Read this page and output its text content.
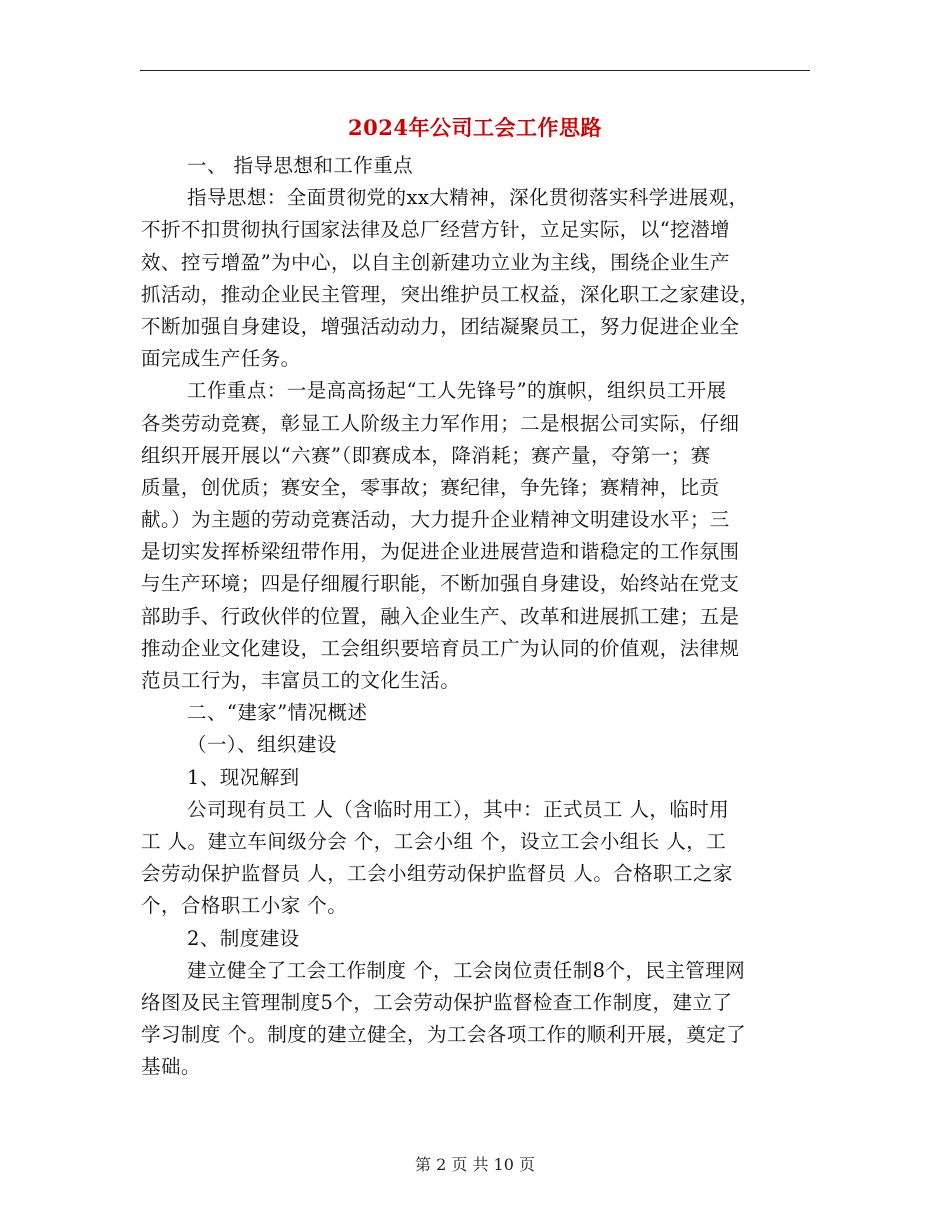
2024年公司工会工作思路
一、 指导思想和工作重点
指导思想：全面贯彻党的xx大精神，深化贯彻落实科学进展观，
不折不扣贯彻执行国家法律及总厂经营方针，立足实际，以“挖潜增
效、控亏增盈”为中心，以自主创新建功立业为主线，围绕企业生产
抓活动，推动企业民主管理，突出维护员工权益，深化职工之家建设，
不断加强自身建设，增强活动动力，团结凝聚员工，努力促进企业全
面完成生产任务。
工作重点：一是高高扬起“工人先锋号”的旗帜，组织员工开展
各类劳动竞赛，彰显工人阶级主力军作用；二是根据公司实际，仔细
组织开展开展以“六赛”（即赛成本，降消耗；赛产量，夺第一；赛
质量，创优质；赛安全，零事故；赛纪律，争先锋；赛精神，比贡
献。）为主题的劳动竞赛活动，大力提升企业精神文明建设水平；三
是切实发挥桥梁纽带作用，为促进企业进展营造和谐稳定的工作氛围
与生产环境；四是仔细履行职能，不断加强自身建设，始终站在党支
部助手、行政伙伴的位置，融入企业生产、改革和进展抓工建；五是
推动企业文化建设，工会组织要培育员工广为认同的价值观，法律规
范员工行为，丰富员工的文化生活。
二、“建家”情况概述
（一）、组织建设
1、现况解到
公司现有员工 人（含临时用工），其中：正式员工 人，临时用
工 人。建立车间级分会 个，工会小组 个，设立工会小组长 人，工
会劳动保护监督员 人，工会小组劳动保护监督员 人。合格职工之家
个，合格职工小家 个。
2、制度建设
建立健全了工会工作制度 个，工会岗位责任制8个，民主管理网
络图及民主管理制度5个，工会劳动保护监督检查工作制度，建立了
学习制度 个。制度的建立健全，为工会各项工作的顺利开展，奠定了
基础。
第 2 页 共 10 页
